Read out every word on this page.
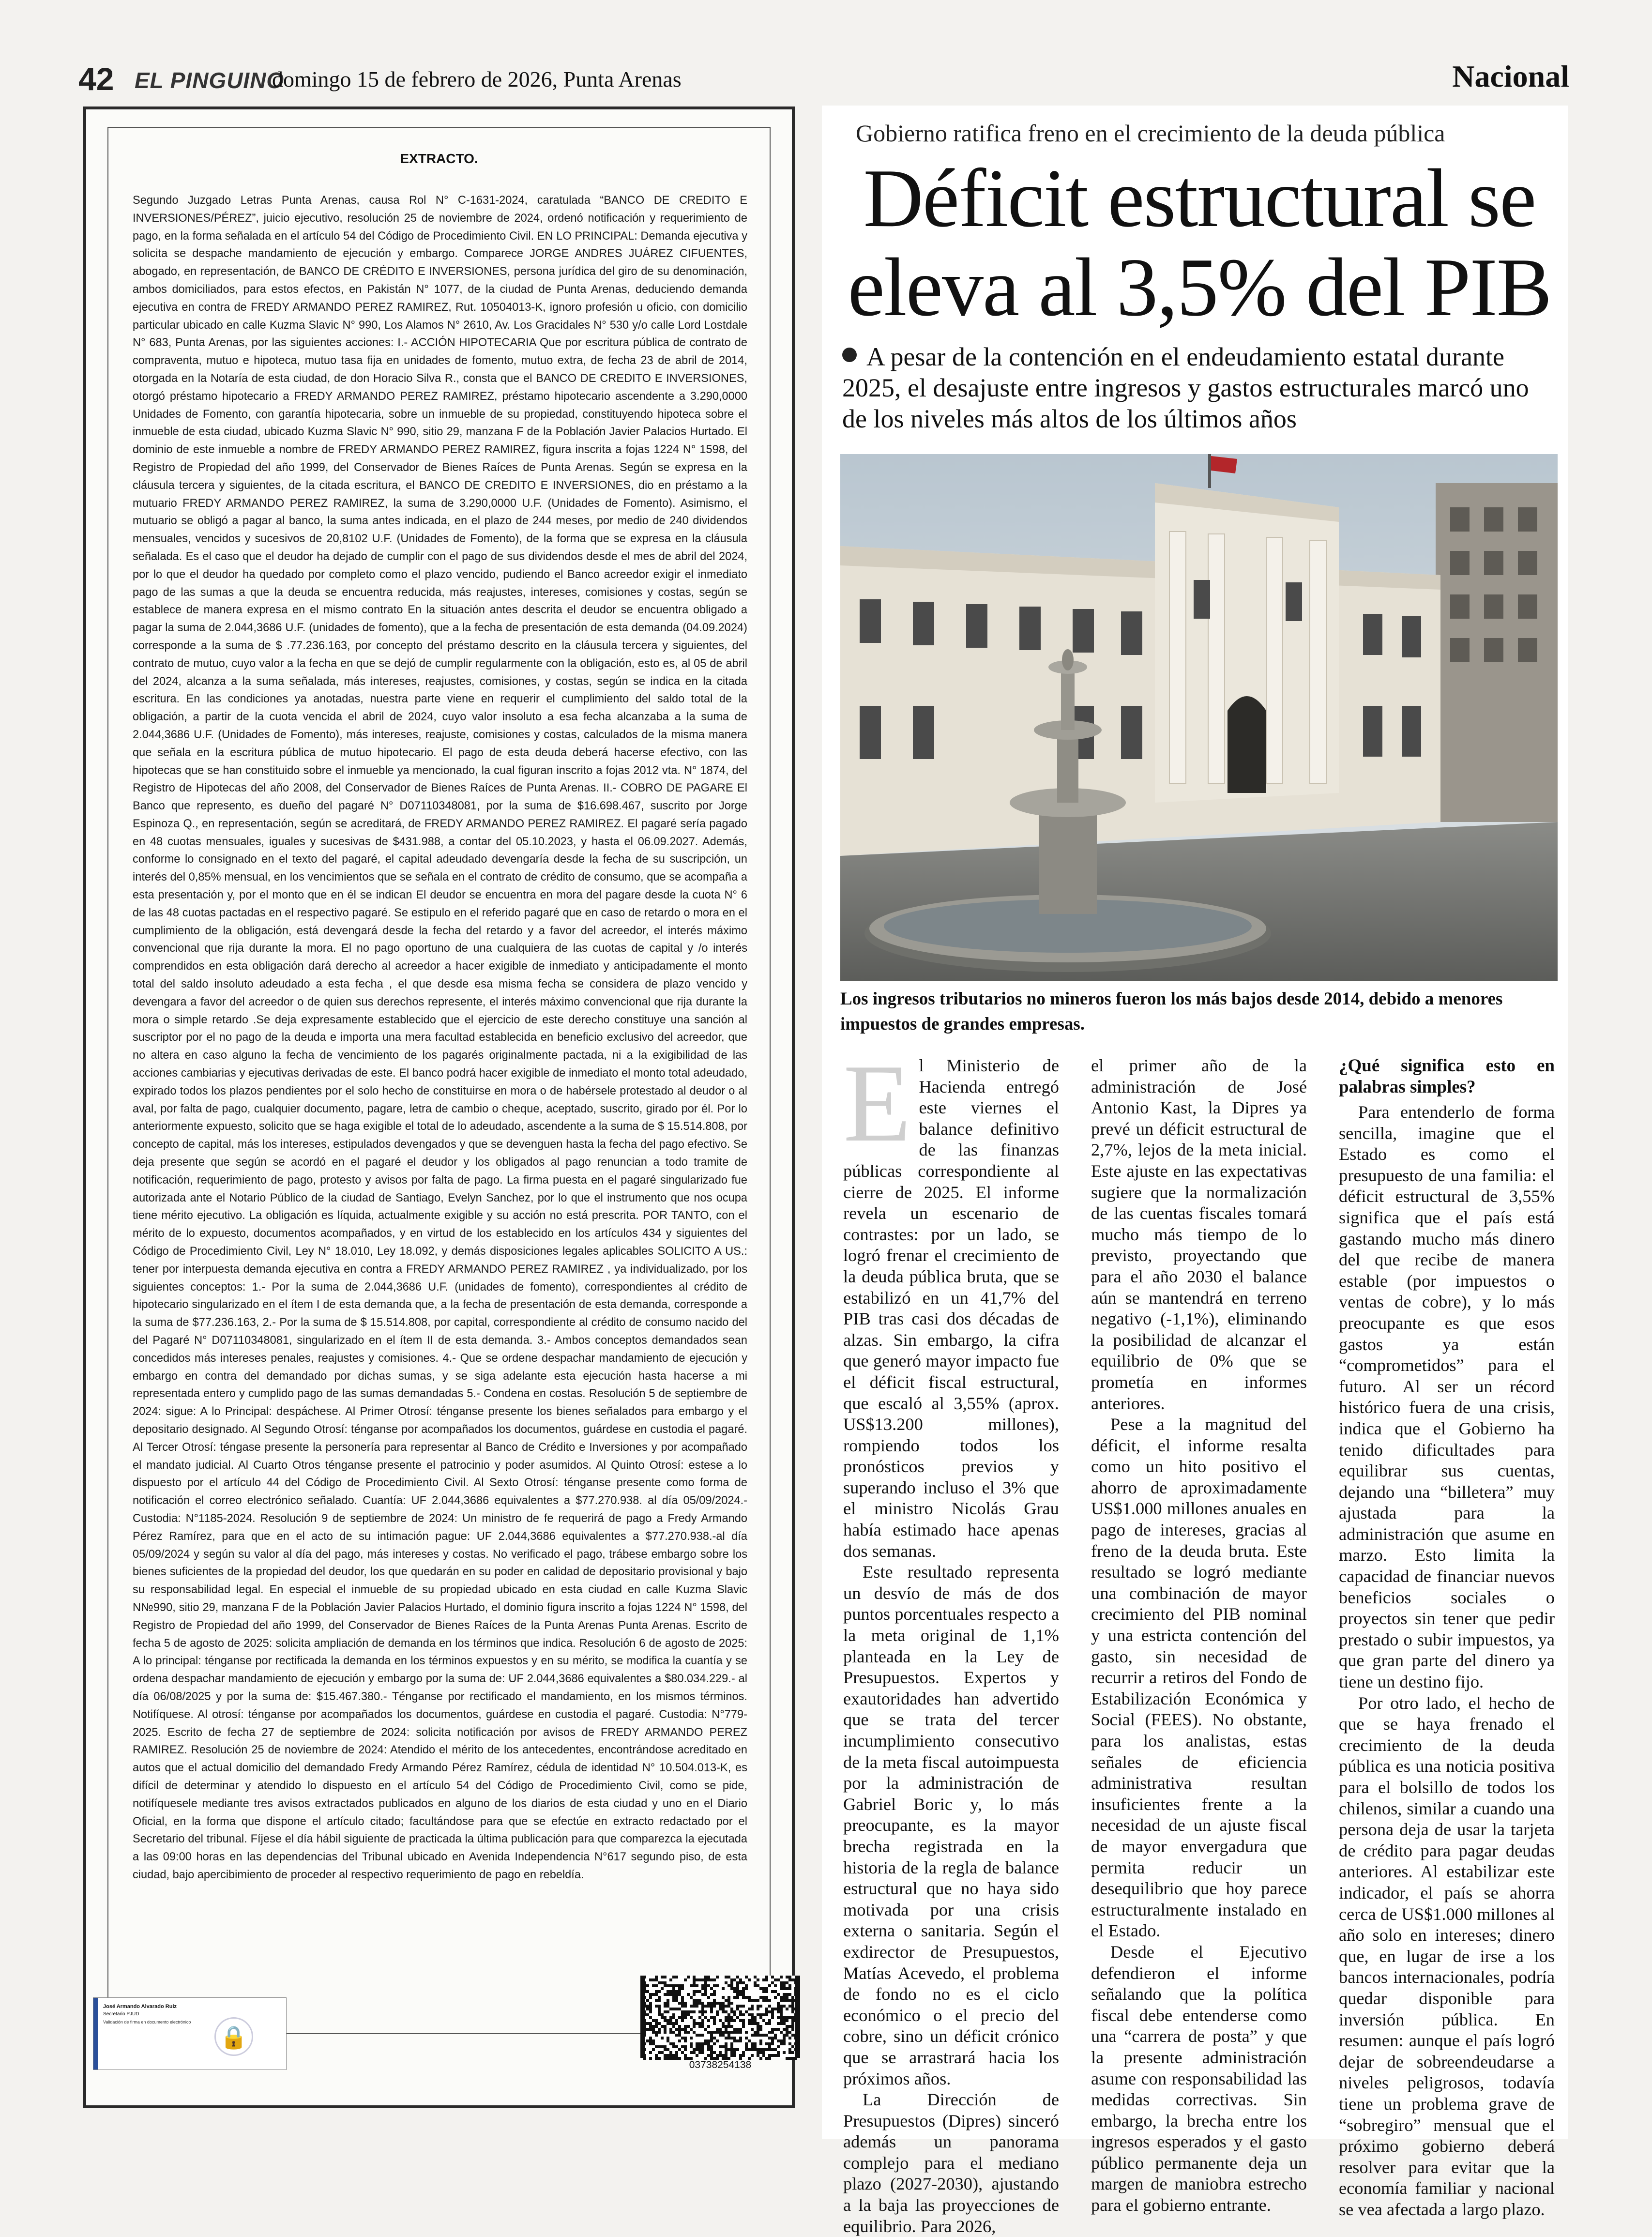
42 EL PINGUINO
domingo 15 de febrero de 2026, Punta Arenas	Nacional
EXTRACTO.
Segundo Juzgado Letras Punta Arenas, causa Rol N° C-1631-2024, caratulada “BANCO DE CREDITO E INVERSIONES/PÉREZ”, juicio ejecutivo, resolución 25 de noviembre de 2024, ordenó notificación y requerimiento de pago, en la forma señalada en el artículo 54 del Código de Procedimiento Civil. EN LO PRINCIPAL: Demanda ejecutiva y solicita se despache mandamiento de ejecución y embargo. Comparece JORGE ANDRES JUÁREZ CIFUENTES, abogado, en representación, de BANCO DE CRÉDITO E INVERSIONES, persona jurídica del giro de su denominación, ambos domiciliados, para estos efectos, en Pakistán N° 1077, de la ciudad de Punta Arenas, deduciendo demanda ejecutiva en contra de FREDY ARMANDO PEREZ RAMIREZ, Rut. 10504013-K, ignoro profesión u oficio, con domicilio particular ubicado en calle Kuzma Slavic N° 990, Los Alamos N° 2610, Av. Los Gracidales N° 530 y/o calle Lord Lostdale N° 683, Punta Arenas, por las siguientes acciones: I.- ACCIÓN HIPOTECARIA Que por escritura pública de contrato de compraventa, mutuo e hipoteca, mutuo tasa fija en unidades de fomento, mutuo extra, de fecha 23 de abril de 2014, otorgada en la Notaría de esta ciudad, de don Horacio Silva R., consta que el BANCO DE CREDITO E INVERSIONES, otorgó préstamo hipotecario a FREDY ARMANDO PEREZ RAMIREZ, préstamo hipotecario ascendente a 3.290,0000 Unidades de Fomento, con garantía hipotecaria, sobre un inmueble de su propiedad, constituyendo hipoteca sobre el inmueble de esta ciudad, ubicado Kuzma Slavic N° 990, sitio 29, manzana F de la Población Javier Palacios Hurtado. El dominio de este inmueble a nombre de FREDY ARMANDO PEREZ RAMIREZ, figura inscrita a fojas 1224 N° 1598, del Registro de Propiedad del año 1999, del Conservador de Bienes Raíces de Punta Arenas. Según se expresa en la cláusula tercera y siguientes, de la citada escritura, el BANCO DE CREDITO E INVERSIONES, dio en préstamo a la mutuario FREDY ARMANDO PEREZ RAMIREZ, la suma de 3.290,0000 U.F. (Unidades de Fomento). Asimismo, el mutuario se obligó a pagar al banco, la suma antes indicada, en el plazo de 244 meses, por medio de 240 dividendos mensuales, vencidos y sucesivos de 20,8102 U.F. (Unidades de Fomento), de la forma que se expresa en la cláusula señalada. Es el caso que el deudor ha dejado de cumplir con el pago de sus dividendos desde el mes de abril del 2024, por lo que el deudor ha quedado por completo como el plazo vencido, pudiendo el Banco acreedor exigir el inmediato pago de las sumas a que la deuda se encuentra reducida, más reajustes, intereses, comisiones y costas, según se establece de manera expresa en el mismo contrato En la situación antes descrita el deudor se encuentra obligado a pagar la suma de 2.044,3686 U.F. (unidades de fomento), que a la fecha de presentación de esta demanda (04.09.2024) corresponde a la suma de $ .77.236.163, por concepto del préstamo descrito en la cláusula tercera y siguientes, del contrato de mutuo, cuyo valor a la fecha en que se dejó de cumplir regularmente con la obligación, esto es, al 05 de abril del 2024, alcanza a la suma señalada, más intereses, reajustes, comisiones, y costas, según se indica en la citada escritura. En las condiciones ya anotadas, nuestra parte viene en requerir el cumplimiento del saldo total de la obligación, a partir de la cuota vencida el abril de 2024, cuyo valor insoluto a esa fecha alcanzaba a la suma de 2.044,3686 U.F. (Unidades de Fomento), más intereses, reajuste, comisiones y costas, calculados de la misma manera que señala en la escritura pública de mutuo hipotecario. El pago de esta deuda deberá hacerse efectivo, con las hipotecas que se han constituido sobre el inmueble ya mencionado, la cual figuran inscrito a fojas 2012 vta. N° 1874, del Registro de Hipotecas del año 2008, del Conservador de Bienes Raíces de Punta Arenas. II.- COBRO DE PAGARE El Banco que represento, es dueño del pagaré N° D07110348081, por la suma de $16.698.467, suscrito por Jorge Espinoza Q., en representación, según se acreditará, de FREDY ARMANDO PEREZ RAMIREZ. El pagaré sería pagado en 48 cuotas mensuales, iguales y sucesivas de $431.988, a contar del 05.10.2023, y hasta el 06.09.2027. Además, conforme lo consignado en el texto del pagaré, el capital adeudado devengaría desde la fecha de su suscripción, un interés del 0,85% mensual, en los vencimientos que se señala en el contrato de crédito de consumo, que se acompaña a esta presentación y, por el monto que en él se indican El deudor se encuentra en mora del pagare desde la cuota N° 6 de las 48 cuotas pactadas en el respectivo pagaré. Se estipulo en el referido pagaré que en caso de retardo o mora en el cumplimiento de la obligación, está devengará desde la fecha del retardo y a favor del acreedor, el interés máximo convencional que rija durante la mora. El no pago oportuno de una cualquiera de las cuotas de capital y /o interés comprendidos en esta obligación dará derecho al acreedor a hacer exigible de inmediato y anticipadamente el monto total del saldo insoluto adeudado a esta fecha , el que desde esa misma fecha se considera de plazo vencido y devengara a favor del acreedor o de quien sus derechos represente, el interés máximo convencional que rija durante la mora o simple retardo .Se deja expresamente establecido que el ejercicio de este derecho constituye una sanción al suscriptor por el no pago de la deuda e importa una mera facultad establecida en beneficio exclusivo del acreedor, que no altera en caso alguno la fecha de vencimiento de los pagarés originalmente pactada, ni a la exigibilidad de las acciones cambiarias y ejecutivas derivadas de este. El banco podrá hacer exigible de inmediato el monto total adeudado, expirado todos los plazos pendientes por el solo hecho de constituirse en mora o de habérsele protestado al deudor o al aval, por falta de pago, cualquier documento, pagare, letra de cambio o cheque, aceptado, suscrito, girado por él. Por lo anteriormente expuesto, solicito que se haga exigible el total de lo adeudado, ascendente a la suma de $ 15.514.808, por concepto de capital, más los intereses, estipulados devengados y que se devenguen hasta la fecha del pago efectivo. Se deja presente que según se acordó en el pagaré el deudor y los obligados al pago renuncian a todo tramite de notificación, requerimiento de pago, protesto y avisos por falta de pago. La firma puesta en el pagaré singularizado fue autorizada ante el Notario Público de la ciudad de Santiago, Evelyn Sanchez, por lo que el instrumento que nos ocupa tiene mérito ejecutivo. La obligación es líquida, actualmente exigible y su acción no está prescrita. POR TANTO, con el mérito de lo expuesto, documentos acompañados, y en virtud de los establecido en los artículos 434 y siguientes del Código de Procedimiento Civil, Ley N° 18.010, Ley 18.092, y demás disposiciones legales aplicables SOLICITO A US.: tener por interpuesta demanda ejecutiva en contra a FREDY ARMANDO PEREZ RAMIREZ , ya individualizado, por los siguientes conceptos: 1.- Por la suma de 2.044,3686 U.F. (unidades de fomento), correspondientes al crédito de hipotecario singularizado en el ítem I de esta demanda que, a la fecha de presentación de esta demanda, corresponde a la suma de $77.236.163, 2.- Por la suma de $ 15.514.808, por capital, correspondiente al crédito de consumo nacido del del Pagaré N° D07110348081, singularizado en el ítem II de esta demanda. 3.- Ambos conceptos demandados sean concedidos más intereses penales, reajustes y comisiones. 4.- Que se ordene despachar mandamiento de ejecución y embargo en contra del demandado por dichas sumas, y se siga adelante esta ejecución hasta hacerse a mi representada entero y cumplido pago de las sumas demandadas 5.- Condena en costas. Resolución 5 de septiembre de 2024: sigue: A lo Principal: despáchese. Al Primer Otrosí: ténganse presente los bienes señalados para embargo y el depositario designado. Al Segundo Otrosí: ténganse por acompañados los documentos, guárdese en custodia el pagaré. Al Tercer Otrosí: téngase presente la personería para representar al Banco de Crédito e Inversiones y por acompañado el mandato judicial. Al Cuarto Otros ténganse presente el patrocinio y poder asumidos. Al Quinto Otrosí: estese a lo dispuesto por el artículo 44 del Código de Procedimiento Civil. Al Sexto Otrosí: ténganse presente como forma de notificación el correo electrónico señalado. Cuantía: UF 2.044,3686 equivalentes a $77.270.938. al día 05/09/2024.- Custodia: N°1185-2024. Resolución 9 de septiembre de 2024: Un ministro de fe requerirá de pago a Fredy Armando Pérez Ramírez, para que en el acto de su intimación pague: UF 2.044,3686 equivalentes a $77.270.938.-al día 05/09/2024 y según su valor al día del pago, más intereses y costas. No verificado el pago, trábese embargo sobre los bienes suficientes de la propiedad del deudor, los que quedarán en su poder en calidad de depositario provisional y bajo su responsabilidad legal. En especial el inmueble de su propiedad ubicado en esta ciudad en calle Kuzma Slavic N№990, sitio 29, manzana F de la Población Javier Palacios Hurtado, el dominio figura inscrito a fojas 1224 N° 1598, del Registro de Propiedad del año 1999, del Conservador de Bienes Raíces de la Punta Arenas Punta Arenas. Escrito de fecha 5 de agosto de 2025: solicita ampliación de demanda en los términos que indica. Resolución 6 de agosto de 2025: A lo principal: ténganse por rectificada la demanda en los términos expuestos y en su mérito, se modifica la cuantía y se ordena despachar mandamiento de ejecución y embargo por la suma de: UF 2.044,3686 equivalentes a $80.034.229.- al día 06/08/2025 y por la suma de: $15.467.380.- Ténganse por rectificado el mandamiento, en los mismos términos. Notifíquese. Al otrosí: ténganse por acompañados los documentos, guárdese en custodia el pagaré. Custodia: N°779-2025. Escrito de fecha 27 de septiembre de 2024: solicita notificación por avisos de FREDY ARMANDO PEREZ RAMIREZ. Resolución 25 de noviembre de 2024: Atendido el mérito de los antecedentes, encontrándose acreditado en autos que el actual domicilio del demandado Fredy Armando Pérez Ramírez, cédula de identidad N° 10.504.013-K, es difícil de determinar y atendido lo dispuesto en el artículo 54 del Código de Procedimiento Civil, como se pide, notifíquesele mediante tres avisos extractados publicados en alguno de los diarios de esta ciudad y uno en el Diario Oficial, en la forma que dispone el artículo citado; facultándose para que se efectúe en extracto redactado por el Secretario del tribunal. Fíjese el día hábil siguiente de practicada la última publicación para que comparezca la ejecutada a las 09:00 horas en las dependencias del Tribunal ubicado en Avenida Independencia N°617 segundo piso, de esta ciudad, bajo apercibimiento de proceder al respectivo requerimiento de pago en rebeldía.
José Armando Alvarado Ruiz
Secretario PJUD
Validación de firma en documento electrónico
🔒
03738254138
Gobierno ratifica freno en el crecimiento de la deuda pública
Déficit estructural se eleva al 3,5% del PIB
A pesar de la contención en el endeudamiento estatal durante 2025, el desajuste entre ingresos y gastos estructurales marcó uno de los niveles más altos de los últimos años
Los ingresos tributarios no mineros fueron los más bajos desde 2014, debido a menores impuestos de grandes empresas.
E l Ministerio de Hacienda entregó este viernes el balance definitivo de las finanzas públicas correspondiente al cierre de 2025. El informe revela un escenario de contrastes: por un lado, se logró frenar el crecimiento de la deuda pública bruta, que se estabilizó en un 41,7% del PIB tras casi dos décadas de alzas. Sin embargo, la cifra que generó mayor impacto fue el déficit fiscal estructural, que escaló al 3,55% (aprox. US$13.200 millones), rompiendo todos los pronósticos previos y superando incluso el 3% que el ministro Nicolás Grau había estimado hace apenas dos semanas.

Este resultado representa un desvío de más de dos puntos porcentuales respecto a la meta original de 1,1% planteada en la Ley de Presupuestos. Expertos y exautoridades han advertido que se trata del tercer incumplimiento consecutivo de la meta fiscal autoimpuesta por la administración de Gabriel Boric y, lo más preocupante, es la mayor brecha registrada en la historia de la regla de balance estructural que no haya sido motivada por una crisis externa o sanitaria. Según el exdirector de Presupuestos, Matías Acevedo, el problema de fondo no es el ciclo económico o el precio del cobre, sino un déficit crónico que se arrastrará hacia los próximos años.

La Dirección de Presupuestos (Dipres) sinceró además un panorama complejo para el mediano plazo (2027-2030), ajustando a la baja las proyecciones de equilibrio. Para 2026,

el primer año de la administración de José Antonio Kast, la Dipres ya prevé un déficit estructural de 2,7%, lejos de la meta inicial. Este ajuste en las expectativas sugiere que la normalización de las cuentas fiscales tomará mucho más tiempo de lo previsto, proyectando que para el año 2030 el balance aún se mantendrá en terreno negativo (-1,1%), eliminando la posibilidad de alcanzar el equilibrio de 0% que se prometía en informes anteriores.

Pese a la magnitud del déficit, el informe resalta como un hito positivo el ahorro de aproximadamente US$1.000 millones anuales en pago de intereses, gracias al freno de la deuda bruta. Este resultado se logró mediante una combinación de mayor crecimiento del PIB nominal y una estricta contención del gasto, sin necesidad de recurrir a retiros del Fondo de Estabilización Económica y Social (FEES). No obstante, para los analistas, estas señales de eficiencia administrativa resultan insuficientes frente a la necesidad de un ajuste fiscal de mayor envergadura que permita reducir un desequilibrio que hoy parece estructuralmente instalado en el Estado.

Desde el Ejecutivo defendieron el informe señalando que la política fiscal debe entenderse como una “carrera de posta” y que la presente administración asume con responsabilidad las medidas correctivas. Sin embargo, la brecha entre los ingresos esperados y el gasto público permanente deja un margen de maniobra estrecho para el gobierno entrante.

¿Qué significa esto en palabras simples?

Para entenderlo de forma sencilla, imagine que el Estado es como el presupuesto de una familia: el déficit estructural de 3,55% significa que el país está gastando mucho más dinero del que recibe de manera estable (por impuestos o ventas de cobre), y lo más preocupante es que esos gastos ya están “comprometidos” para el futuro. Al ser un récord histórico fuera de una crisis, indica que el Gobierno ha tenido dificultades para equilibrar sus cuentas, dejando una “billetera” muy ajustada para la administración que asume en marzo. Esto limita la capacidad de financiar nuevos beneficios sociales o proyectos sin tener que pedir prestado o subir impuestos, ya que gran parte del dinero ya tiene un destino fijo.

Por otro lado, el hecho de que se haya frenado el crecimiento de la deuda pública es una noticia positiva para el bolsillo de todos los chilenos, similar a cuando una persona deja de usar la tarjeta de crédito para pagar deudas anteriores. Al estabilizar este indicador, el país se ahorra cerca de US$1.000 millones al año solo en intereses; dinero que, en lugar de irse a los bancos internacionales, podría quedar disponible para inversión pública. En resumen: aunque el país logró dejar de sobreendeudarse a niveles peligrosos, todavía tiene un problema grave de “sobregiro” mensual que el próximo gobierno deberá resolver para evitar que la economía familiar y nacional se vea afectada a largo plazo.
